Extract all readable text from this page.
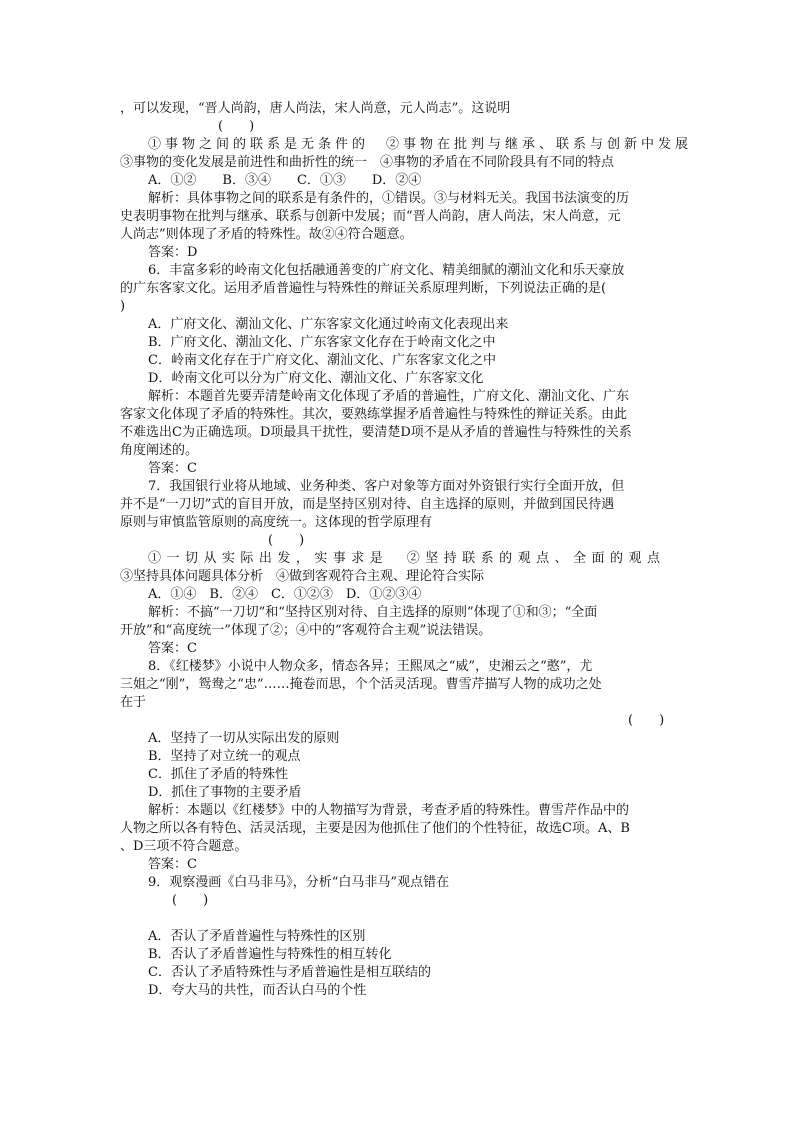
，可以发现，“晋人尚韵，唐人尚法，宋人尚意，元人尚志”。这说明
(　　)
①事物之间的联系是无条件的　②事物在批判与继承、联系与创新中发展
③事物的变化发展是前进性和曲折性的统一　④事物的矛盾在不同阶段具有不同的特点
A．①②　　B．③④　　C．①③　　D．②④
解析：具体事物之间的联系是有条件的，①错误。③与材料无关。我国书法演变的历
史表明事物在批判与继承、联系与创新中发展；而“晋人尚韵，唐人尚法，宋人尚意，元
人尚志”则体现了矛盾的特殊性。故②④符合题意。
答案：D
6．丰富多彩的岭南文化包括融通善变的广府文化、精美细腻的潮汕文化和乐天豪放
的广东客家文化。运用矛盾普遍性与特殊性的辩证关系原理判断，下列说法正确的是(
)
A．广府文化、潮汕文化、广东客家文化通过岭南文化表现出来
B．广府文化、潮汕文化、广东客家文化存在于岭南文化之中
C．岭南文化存在于广府文化、潮汕文化、广东客家文化之中
D．岭南文化可以分为广府文化、潮汕文化、广东客家文化
解析：本题首先要弄清楚岭南文化体现了矛盾的普遍性，广府文化、潮汕文化、广东
客家文化体现了矛盾的特殊性。其次，要熟练掌握矛盾普遍性与特殊性的辩证关系。由此
不难选出C为正确选项。D项最具干扰性，要清楚D项不是从矛盾的普遍性与特殊性的关系
角度阐述的。
答案：C
7．我国银行业将从地域、业务种类、客户对象等方面对外资银行实行全面开放，但
并不是“一刀切”式的盲目开放，而是坚持区别对待、自主选择的原则，并做到国民待遇
原则与审慎监管原则的高度统一。这体现的哲学原理有
(　　)
①一切从实际出发，实事求是　②坚持联系的观点、全面的观点
③坚持具体问题具体分析　④做到客观符合主观、理论符合实际
A．①④　B．②④　C．①②③　D．①②③④
解析：不搞“一刀切”和“坚持区别对待、自主选择的原则”体现了①和③；“全面
开放”和“高度统一”体现了②；④中的“客观符合主观”说法错误。
答案：C
8．《红楼梦》小说中人物众多，情态各异；王熙凤之“威”，史湘云之“憨”，尤
三姐之“刚”，鸳鸯之“忠”……掩卷而思，个个活灵活现。曹雪芹描写人物的成功之处
在于
(　　)
A．坚持了一切从实际出发的原则
B．坚持了对立统一的观点
C．抓住了矛盾的特殊性
D．抓住了事物的主要矛盾
解析：本题以《红楼梦》中的人物描写为背景，考查矛盾的特殊性。曹雪芹作品中的
人物之所以各有特色、活灵活现，主要是因为他抓住了他们的个性特征，故选C项。A、B
、D三项不符合题意。
答案：C
9．观察漫画《白马非马》，分析“白马非马”观点错在
(　　)
A．否认了矛盾普遍性与特殊性的区别
B．否认了矛盾普遍性与特殊性的相互转化
C．否认了矛盾特殊性与矛盾普遍性是相互联结的
D．夸大马的共性，而否认白马的个性
